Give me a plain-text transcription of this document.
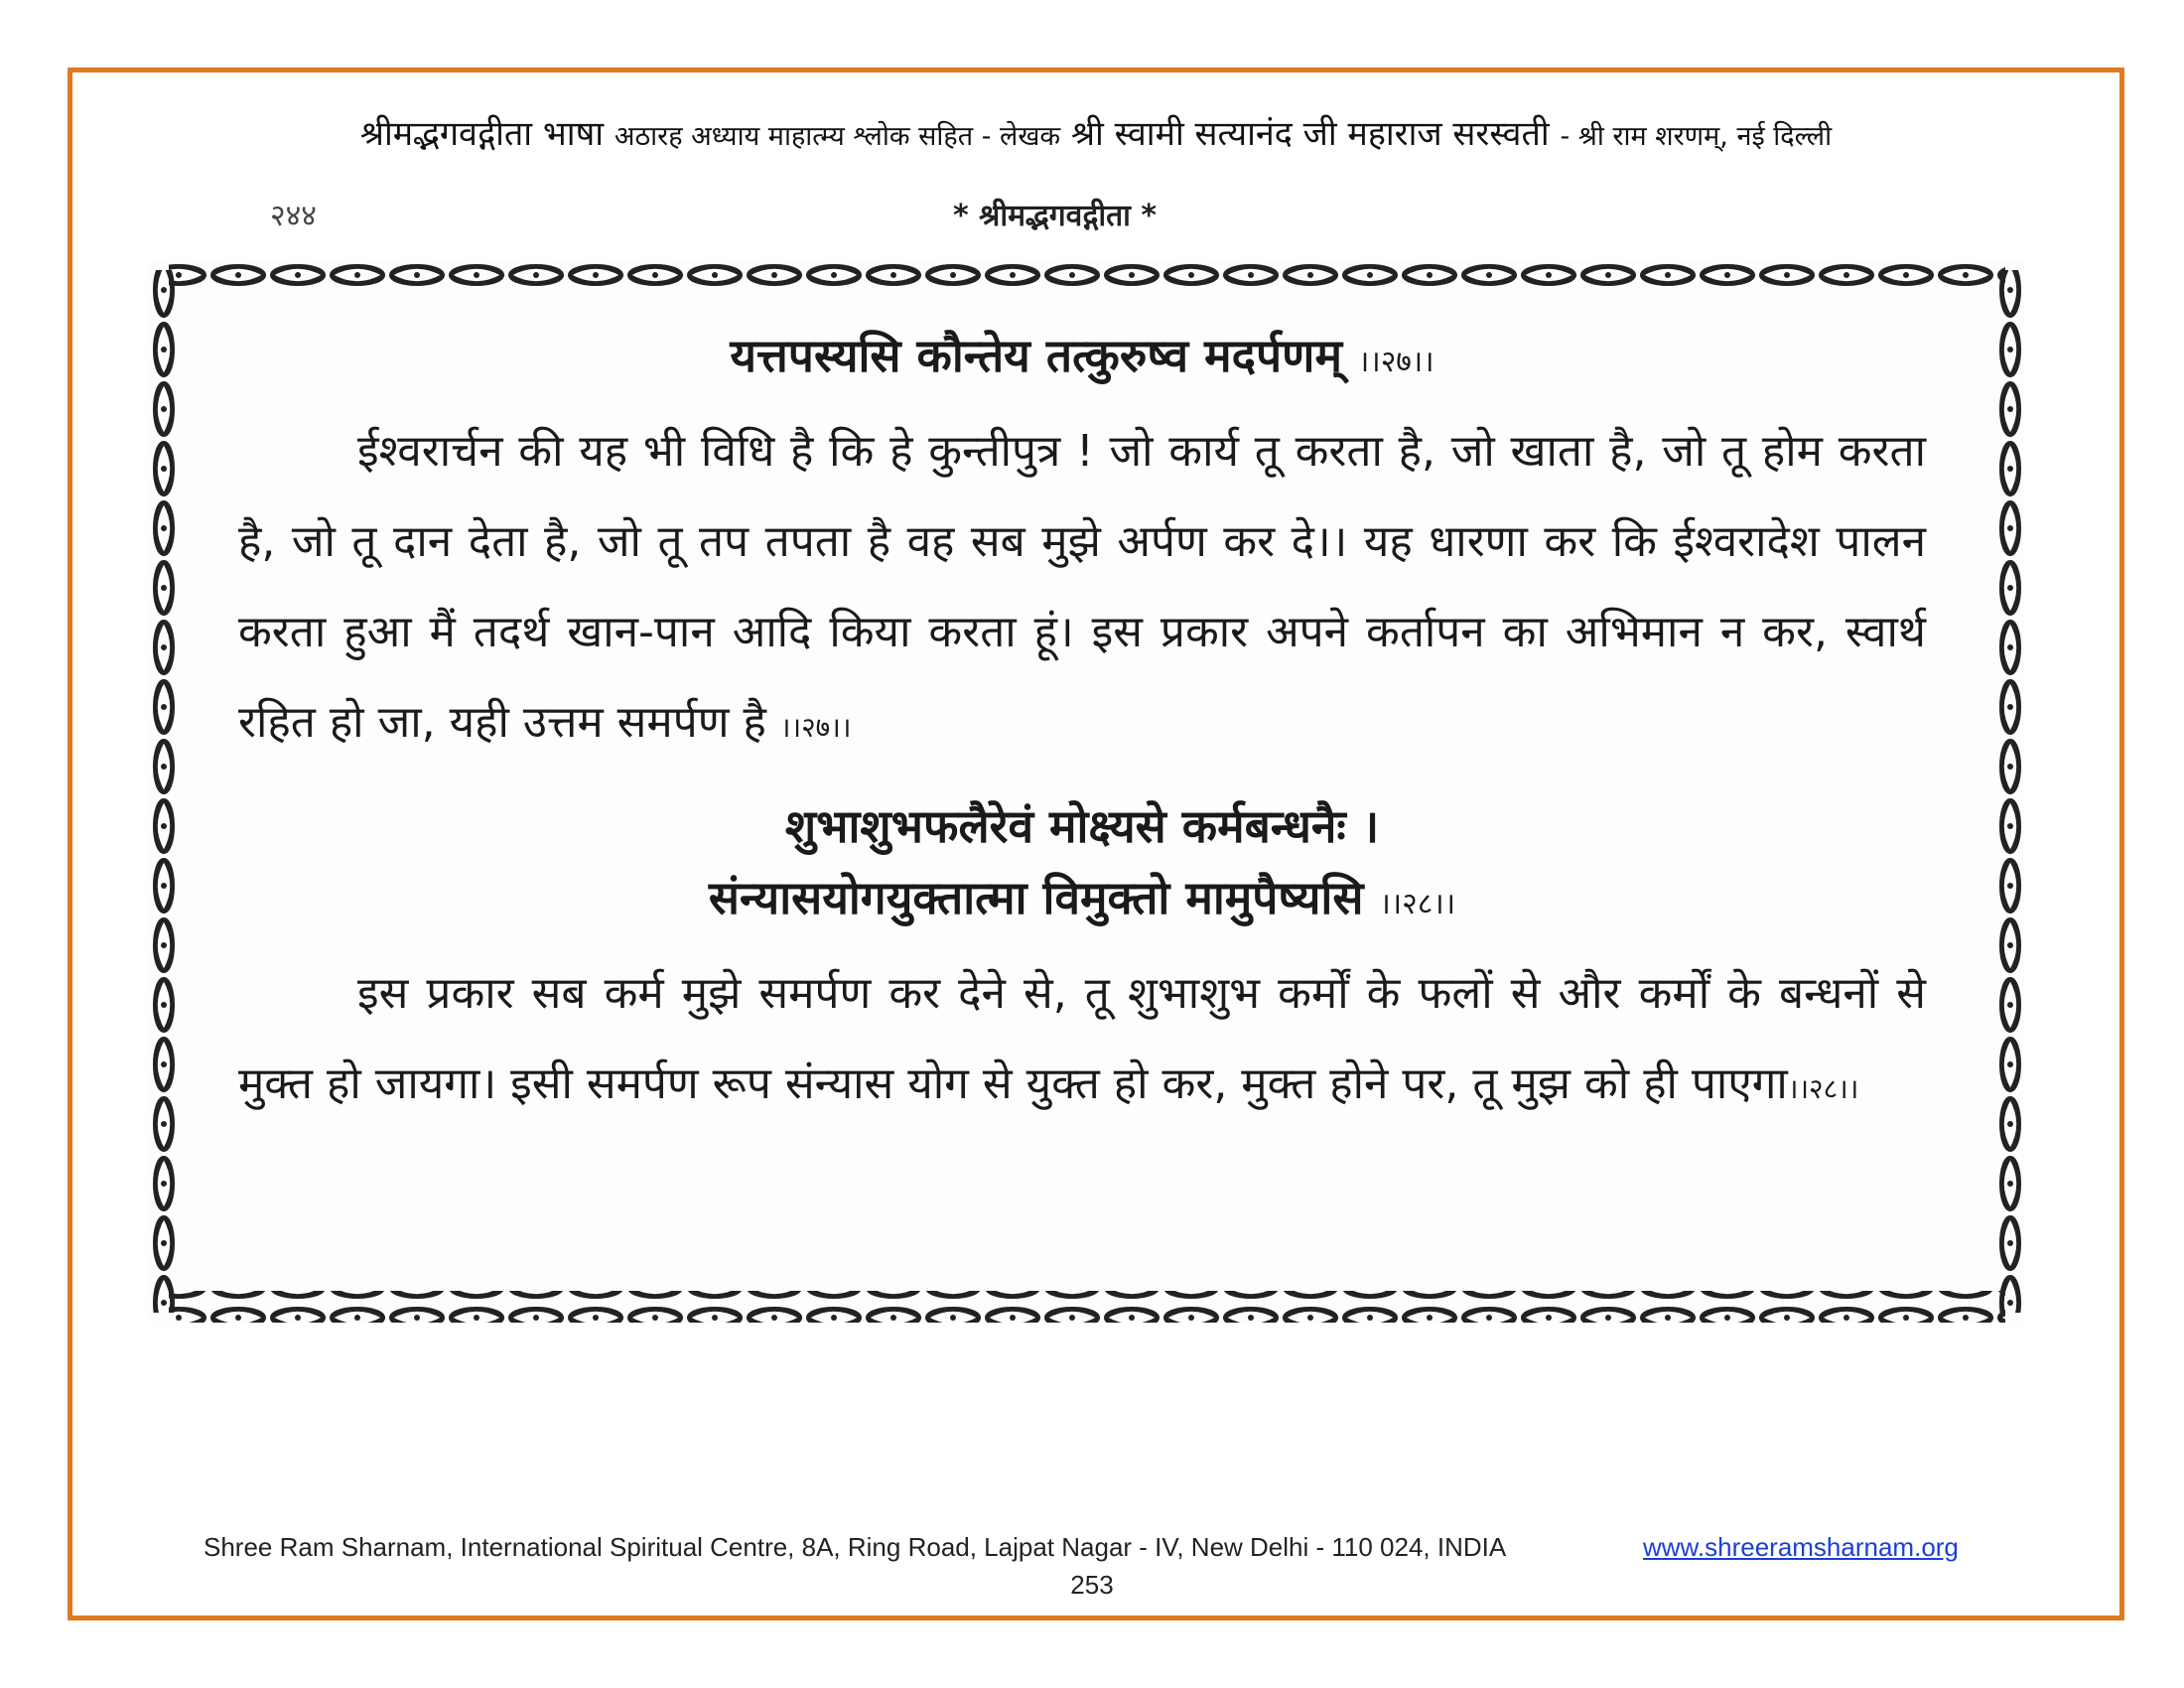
श्रीमद्भगवद्गीता भाषा अठारह अध्याय माहात्म्य श्लोक सहित - लेखक श्री स्वामी सत्यानंद जी महाराज सरस्वती - श्री राम शरणम्, नई दिल्ली
२४४	* श्रीमद्भगवद्गीता *
यत्तपस्यसि कौन्तेय तत्कुरुष्व मदर्पणम् ।।२७।।
ईश्वरार्चन की यह भी विधि है कि हे कुन्तीपुत्र ! जो कार्य तू करता है, जो खाता है, जो तू होम करता है, जो तू दान देता है, जो तू तप तपता है वह सब मुझे अर्पण कर दे।। यह धारणा कर कि ईश्वरादेश पालन करता हुआ मैं तदर्थ खान-पान आदि किया करता हूं। इस प्रकार अपने कर्तापन का अभिमान न कर, स्वार्थ रहित हो जा, यही उत्तम समर्पण है ।।२७।।
शुभाशुभफलैरेवं मोक्ष्यसे कर्मबन्धनैः ।
संन्यासयोगयुक्तात्मा विमुक्तो मामुपैष्यसि ।।२८।।
इस प्रकार सब कर्म मुझे समर्पण कर देने से, तू शुभाशुभ कर्मों के फलों से और कर्मों के बन्धनों से मुक्त हो जायगा। इसी समर्पण रूप संन्यास योग से युक्त हो कर, मुक्त होने पर, तू मुझ को ही पाएगा।।२८।।
Shree Ram Sharnam, International Spiritual Centre, 8A, Ring Road, Lajpat Nagar - IV, New Delhi - 110 024, INDIA	www.shreeramsharnam.org
253
